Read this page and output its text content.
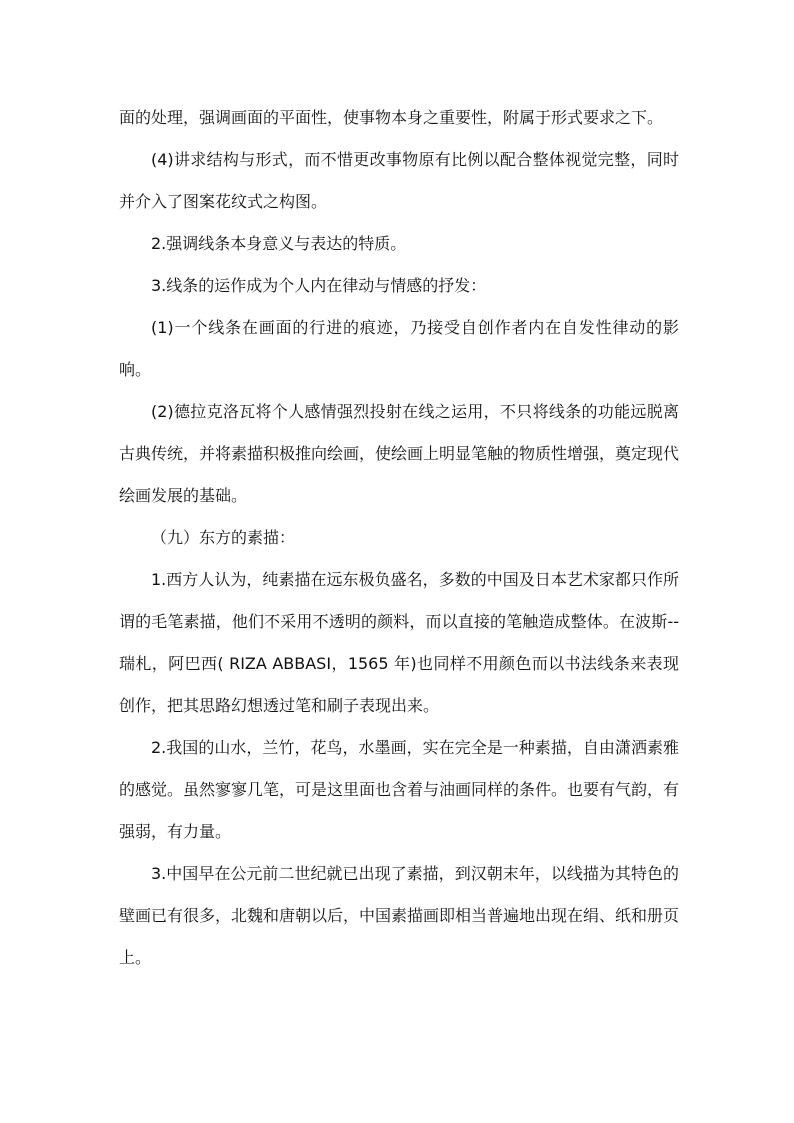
面的处理，强调画面的平面性，使事物本身之重要性，附属于形式要求之下。

(4)讲求结构与形式，而不惜更改事物原有比例以配合整体视觉完整，同时并介入了图案花纹式之构图。

2.强调线条本身意义与表达的特质。

3.线条的运作成为个人内在律动与情感的抒发：

(1)一个线条在画面的行进的痕迹，乃接受自创作者内在自发性律动的影响。

(2)德拉克洛瓦将个人感情强烈投射在线之运用，不只将线条的功能远脱离古典传统，并将素描积极推向绘画，使绘画上明显笔触的物质性增强，奠定现代绘画发展的基础。

（九）东方的素描：

1.西方人认为，纯素描在远东极负盛名，多数的中国及日本艺术家都只作所谓的毛笔素描，他们不采用不透明的颜料，而以直接的笔触造成整体。在波斯--瑞札，阿巴西( RIZA ABBASI，1565 年)也同样不用颜色而以书法线条来表现创作，把其思路幻想透过笔和刷子表现出来。

2.我国的山水，兰竹，花鸟，水墨画，实在完全是一种素描，自由潇洒素雅的感觉。虽然寥寥几笔，可是这里面也含着与油画同样的条件。也要有气韵，有强弱，有力量。

3.中国早在公元前二世纪就已出现了素描，到汉朝末年，以线描为其特色的壁画已有很多，北魏和唐朝以后，中国素描画即相当普遍地出现在绢、纸和册页上。
